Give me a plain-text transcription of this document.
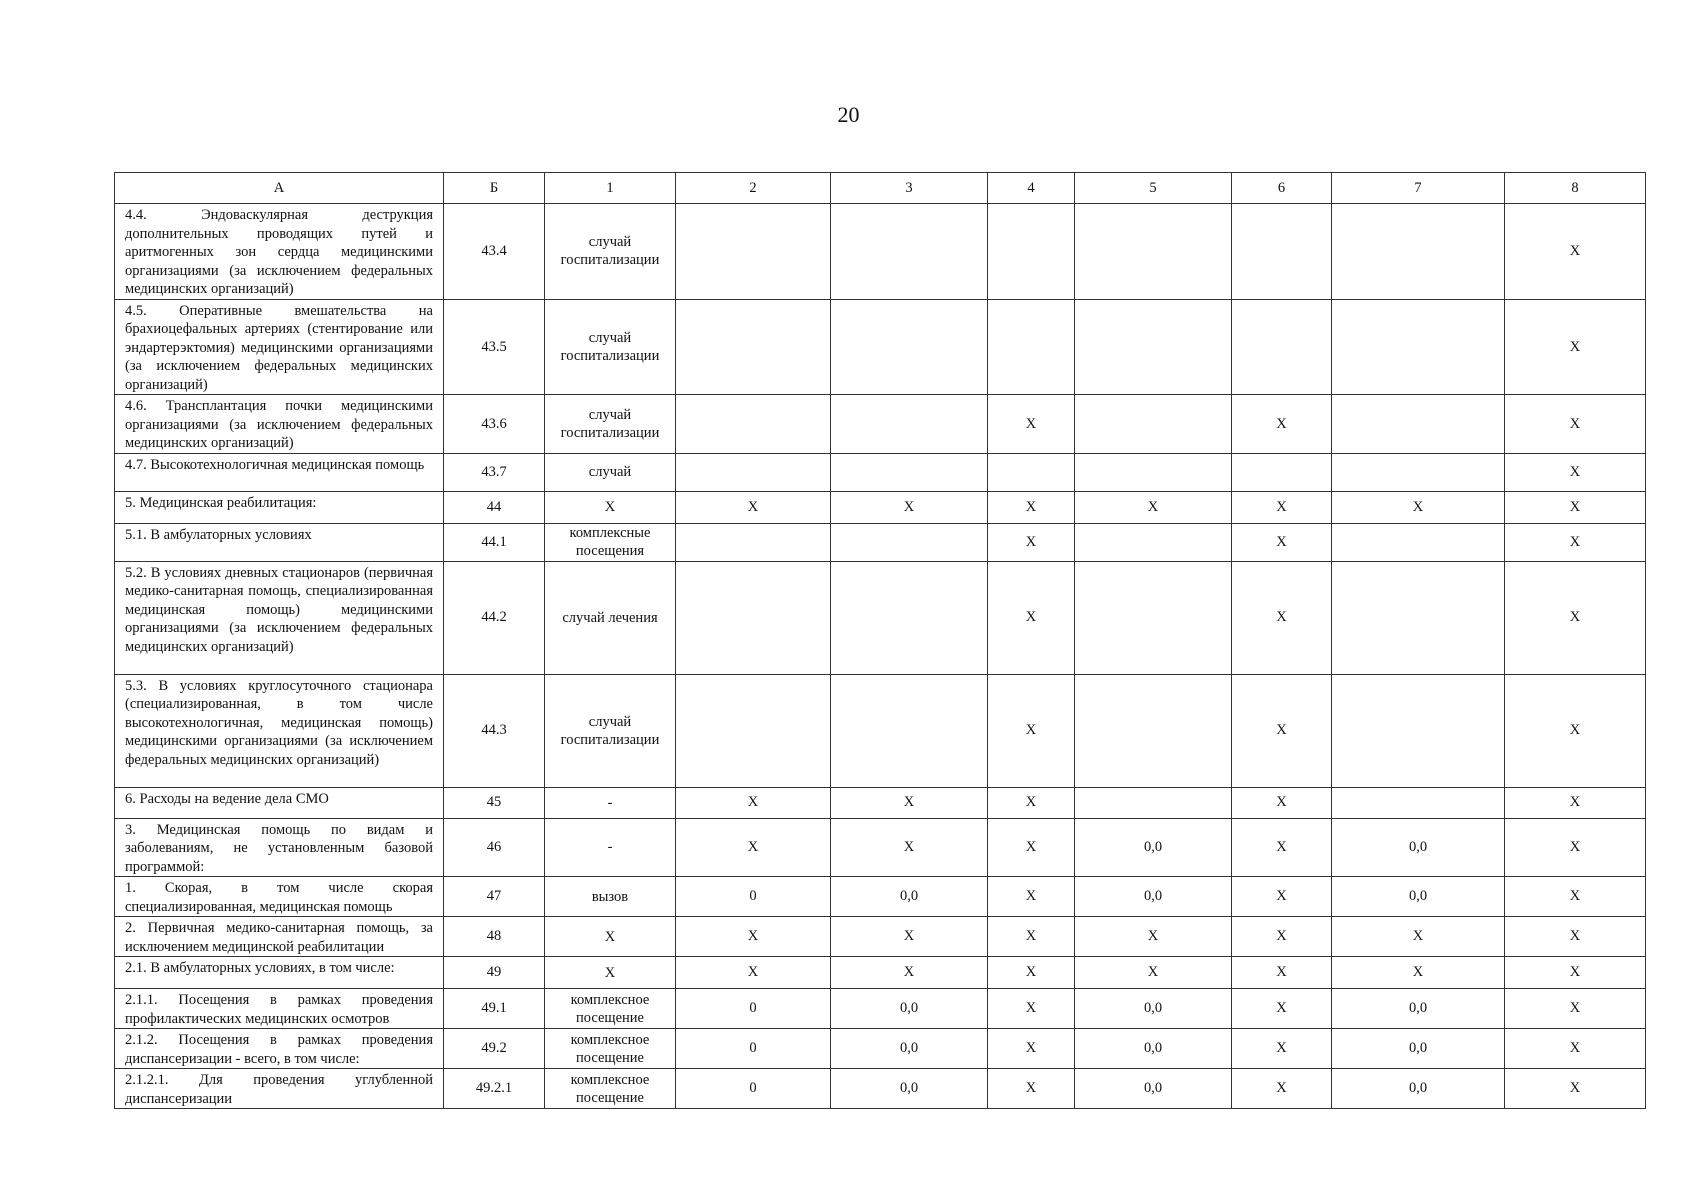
20
А	Б	1	2	3	4	5	6	7	8
4.4. Эндоваскулярная деструкция дополнительных проводящих путей и аритмогенных зон сердца медицинскими организациями (за исключением федеральных медицинских организаций)	43.4	случай госпитализации							Х
4.5. Оперативные вмешательства на брахиоцефальных артериях (стентирование или эндартерэктомия) медицинскими организациями (за исключением федеральных медицинских организаций)	43.5	случай госпитализации							Х
4.6. Трансплантация почки медицинскими организациями (за исключением федеральных медицинских организаций)	43.6	случай госпитализации			Х		Х		Х
4.7. Высокотехнологичная медицинская помощь	43.7	случай							Х
5. Медицинская реабилитация:	44	Х	Х	Х	Х	Х	Х	Х	Х
5.1. В амбулаторных условиях	44.1	комплексные посещения			Х		Х		Х
5.2. В условиях дневных стационаров (первичная медико-санитарная помощь, специализированная медицинская помощь) медицинскими организациями (за исключением федеральных медицинских организаций)	44.2	случай лечения			Х		Х		Х
5.3. В условиях круглосуточного стационара (специализированная, в том числе высокотехнологичная, медицинская помощь) медицинскими организациями (за исключением федеральных медицинских организаций)	44.3	случай госпитализации			Х		Х		Х
6. Расходы на ведение дела СМО	45	-	Х	Х	Х		Х		Х
3. Медицинская помощь по видам и заболеваниям, не установленным базовой программой:	46	-	Х	Х	Х	0,0	Х	0,0	Х
1. Скорая, в том числе скорая специализированная, медицинская помощь	47	вызов	0	0,0	Х	0,0	Х	0,0	Х
2. Первичная медико-санитарная помощь, за исключением медицинской реабилитации	48	Х	Х	Х	Х	Х	Х	Х	Х
2.1. В амбулаторных условиях, в том числе:	49	Х	Х	Х	Х	Х	Х	Х	Х
2.1.1. Посещения в рамках проведения профилактических медицинских осмотров	49.1	комплексное посещение	0	0,0	Х	0,0	Х	0,0	Х
2.1.2. Посещения в рамках проведения диспансеризации - всего, в том числе:	49.2	комплексное посещение	0	0,0	Х	0,0	Х	0,0	Х
2.1.2.1. Для проведения углубленной диспансеризации	49.2.1	комплексное посещение	0	0,0	Х	0,0	Х	0,0	Х
